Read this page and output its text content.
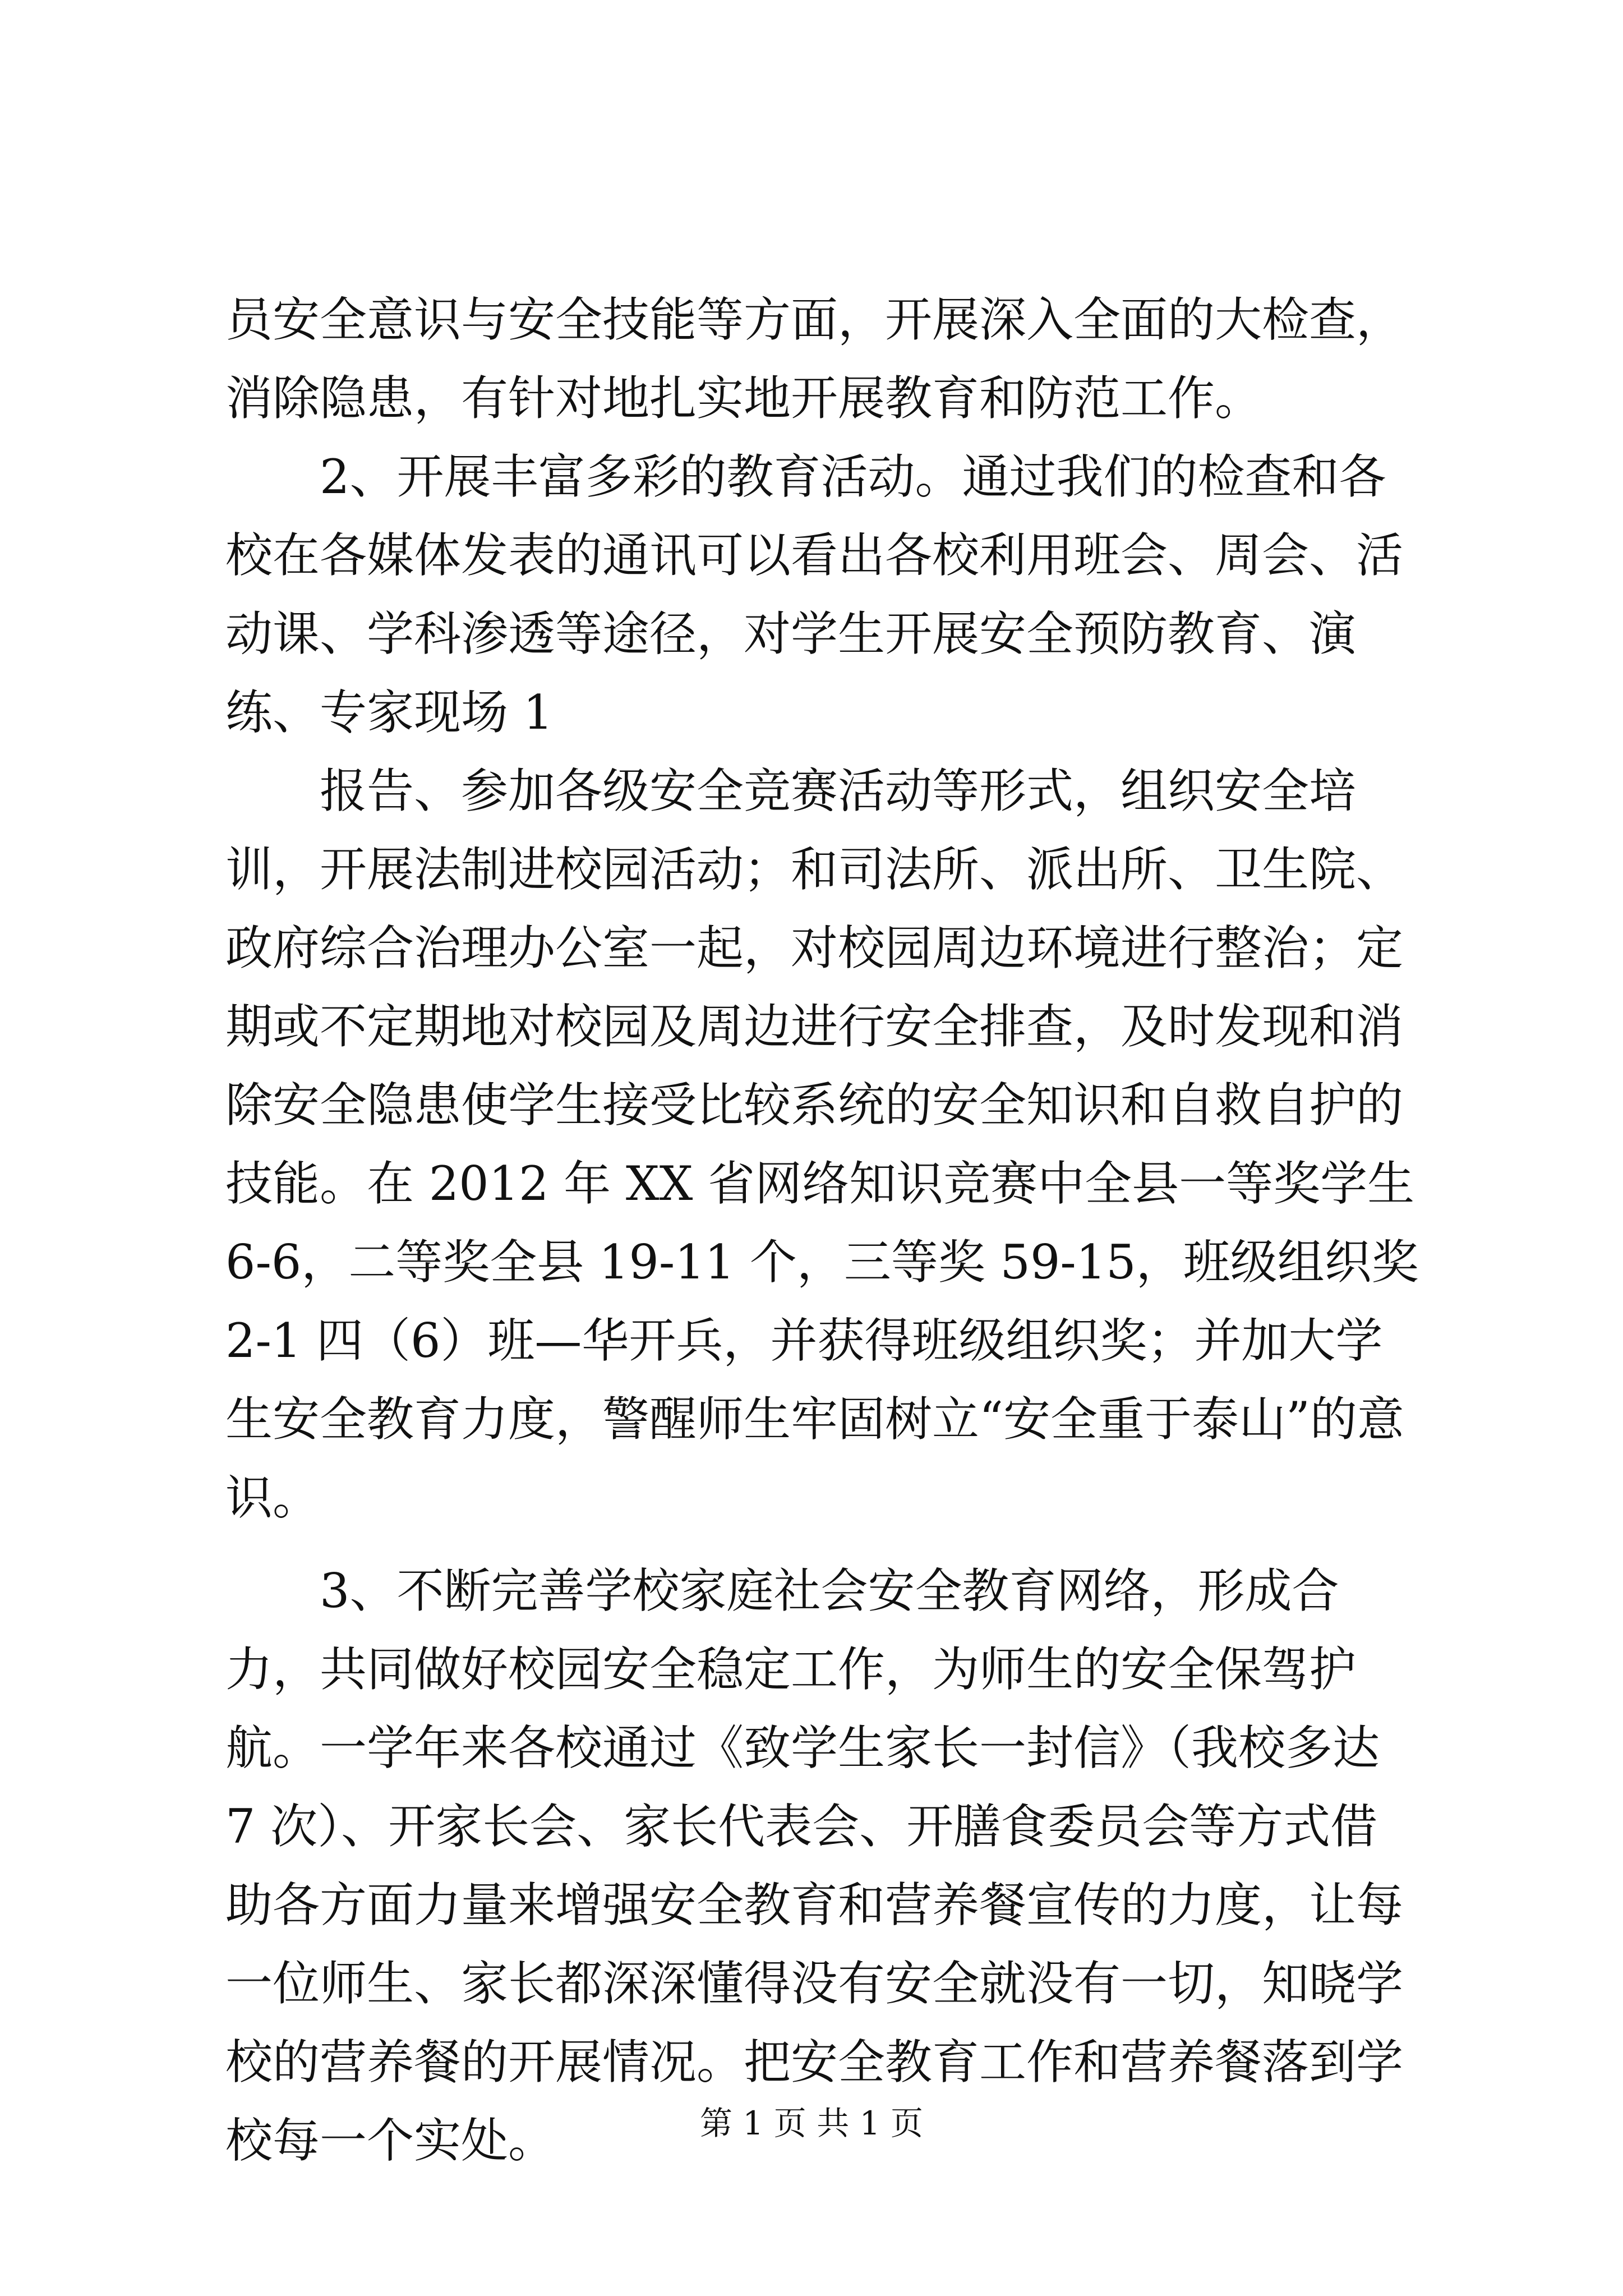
员安全意识与安全技能等方面，开展深入全面的大检查，消除隐患，有针对地扎实地开展教育和防范工作。

2、开展丰富多彩的教育活动。通过我们的检查和各校在各媒体发表的通讯可以看出各校利用班会、周会、活动课、学科渗透等途径，对学生开展安全预防教育、演练、专家现场 1

报告、参加各级安全竞赛活动等形式，组织安全培训，开展法制进校园活动；和司法所、派出所、卫生院、政府综合治理办公室一起，对校园周边环境进行整治；定期或不定期地对校园及周边进行安全排查，及时发现和消除安全隐患使学生接受比较系统的安全知识和自救自护的技能。在 2012 年 XX 省网络知识竞赛中全县一等奖学生 6-6，二等奖全县 19-11 个，三等奖 59-15，班级组织奖 2-1 四（6）班—华开兵，并获得班级组织奖；并加大学生安全教育力度，警醒师生牢固树立“安全重于泰山”的意识。

3、不断完善学校家庭社会安全教育网络，形成合力，共同做好校园安全稳定工作，为师生的安全保驾护航。一学年来各校通过《致学生家长一封信》（我校多达 7 次）、开家长会、家长代表会、开膳食委员会等方式借助各方面力量来增强安全教育和营养餐宣传的力度，让每一位师生、家长都深深懂得没有安全就没有一切，知晓学校的营养餐的开展情况。把安全教育工作和营养餐落到学校每一个实处。	第 1 页 共 1 页
